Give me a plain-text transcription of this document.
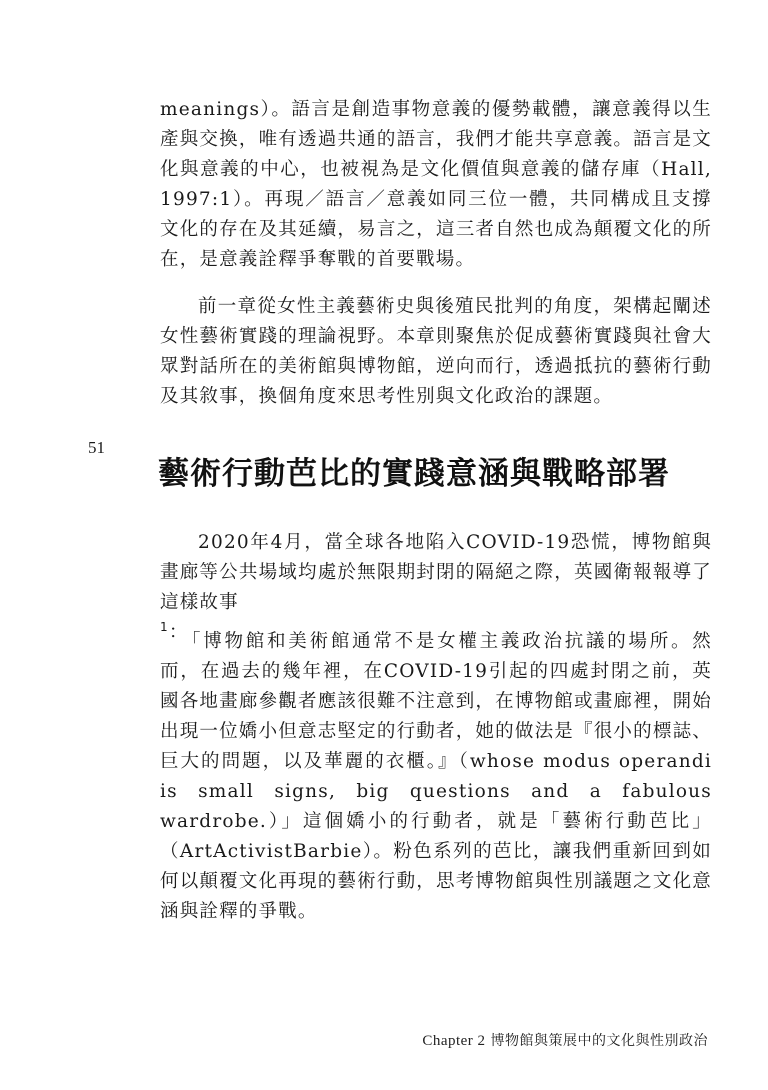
meanings）。語言是創造事物意義的優勢載體，讓意義得以生產與交換，唯有透過共通的語言，我們才能共享意義。語言是文化與意義的中心，也被視為是文化價值與意義的儲存庫（Hall, 1997:1）。再現／語言／意義如同三位一體，共同構成且支撐文化的存在及其延續，易言之，這三者自然也成為顛覆文化的所在，是意義詮釋爭奪戰的首要戰場。

前一章從女性主義藝術史與後殖民批判的角度，架構起闡述女性藝術實踐的理論視野。本章則聚焦於促成藝術實踐與社會大眾對話所在的美術館與博物館，逆向而行，透過抵抗的藝術行動及其敘事，換個角度來思考性別與文化政治的課題。

51
藝術行動芭比的實踐意涵與戰略部署

2020年4月，當全球各地陷入COVID-19恐慌，博物館與畫廊等公共場域均處於無限期封閉的隔絕之際，英國衛報報導了這樣故事
$^1$：

「博物館和美術館通常不是女權主義政治抗議的場所。然而，在過去的幾年裡，在COVID-19引起的四處封閉之前，英國各地畫廊參觀者應該很難不注意到，在博物館或畫廊裡，開始出現一位嬌小但意志堅定的行動者，她的做法是『很小的標誌、巨大的問題，以及華麗的衣櫃。』（whose modus operandi is small signs, big questions and a fabulous wardrobe.）」這個嬌小的行動者，就是「藝術行動芭比」（ArtActivistBarbie）。粉色系列的芭比，讓我們重新回到如何以顛覆文化再現的藝術行動，思考博物館與性別議題之文化意涵與詮釋的爭戰。

Chapter 2 博物館與策展中的文化與性別政治
